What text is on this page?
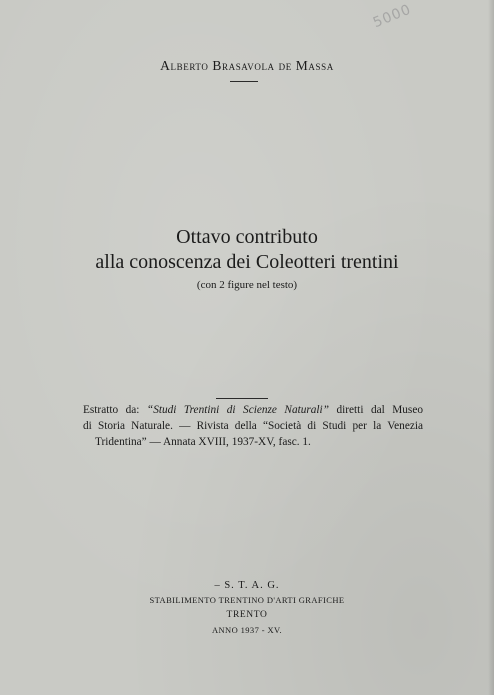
5000
Alberto Brasavola de Massa
Ottavo contributo
alla conoscenza dei Coleotteri trentini
(con 2 figure nel testo)
Estratto da: “Studi Trentini di Scienze Naturali” diretti dal Museo
di Storia Naturale. — Rivista della “Società di Studi per la Venezia
Tridentina” — Annata XVIII, 1937-XV, fasc. 1.
– S. T. A. G.
STABILIMENTO TRENTINO D'ARTI GRAFICHE
TRENTO
ANNO 1937 - XV.
